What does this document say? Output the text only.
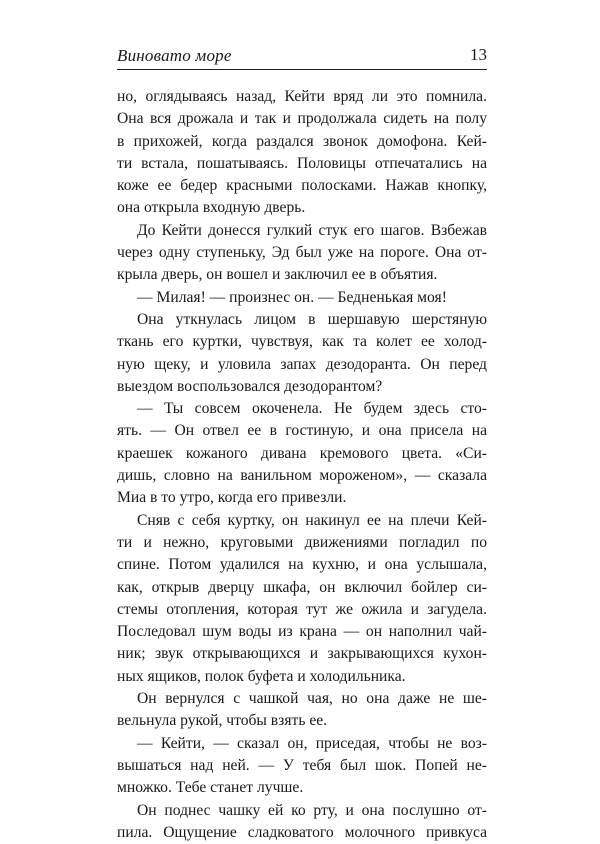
Виновато море	13
но, оглядываясь назад, Кейти вряд ли это помнила.
Она вся дрожала и так и продолжала сидеть на полу
в прихожей, когда раздался звонок домофона. Кей-
ти встала, пошатываясь. Половицы отпечатались на
коже ее бедер красными полосками. Нажав кнопку,
она открыла входную дверь.
До Кейти донесся гулкий стук его шагов. Взбежав
через одну ступеньку, Эд был уже на пороге. Она от-
крыла дверь, он вошел и заключил ее в объятия.
— Милая! — произнес он. — Бедненькая моя!
Она уткнулась лицом в шершавую шерстяную
ткань его куртки, чувствуя, как та колет ее холод-
ную щеку, и уловила запах дезодоранта. Он перед
выездом воспользовался дезодорантом?
— Ты совсем окоченела. Не будем здесь сто-
ять. — Он отвел ее в гостиную, и она присела на
краешек кожаного дивана кремового цвета. «Си-
дишь, словно на ванильном мороженом», — сказала
Миа в то утро, когда его привезли.
Сняв с себя куртку, он накинул ее на плечи Кей-
ти и нежно, круговыми движениями погладил по
спине. Потом удалился на кухню, и она услышала,
как, открыв дверцу шкафа, он включил бойлер си-
стемы отопления, которая тут же ожила и загудела.
Последовал шум воды из крана — он наполнил чай-
ник; звук открывающихся и закрывающихся кухон-
ных ящиков, полок буфета и холодильника.
Он вернулся с чашкой чая, но она даже не ше-
вельнула рукой, чтобы взять ее.
— Кейти, — сказал он, приседая, чтобы не воз-
вышаться над ней. — У тебя был шок. Попей не-
множко. Тебе станет лучше.
Он поднес чашку ей ко рту, и она послушно от-
пила. Ощущение сладковатого молочного привкуса
